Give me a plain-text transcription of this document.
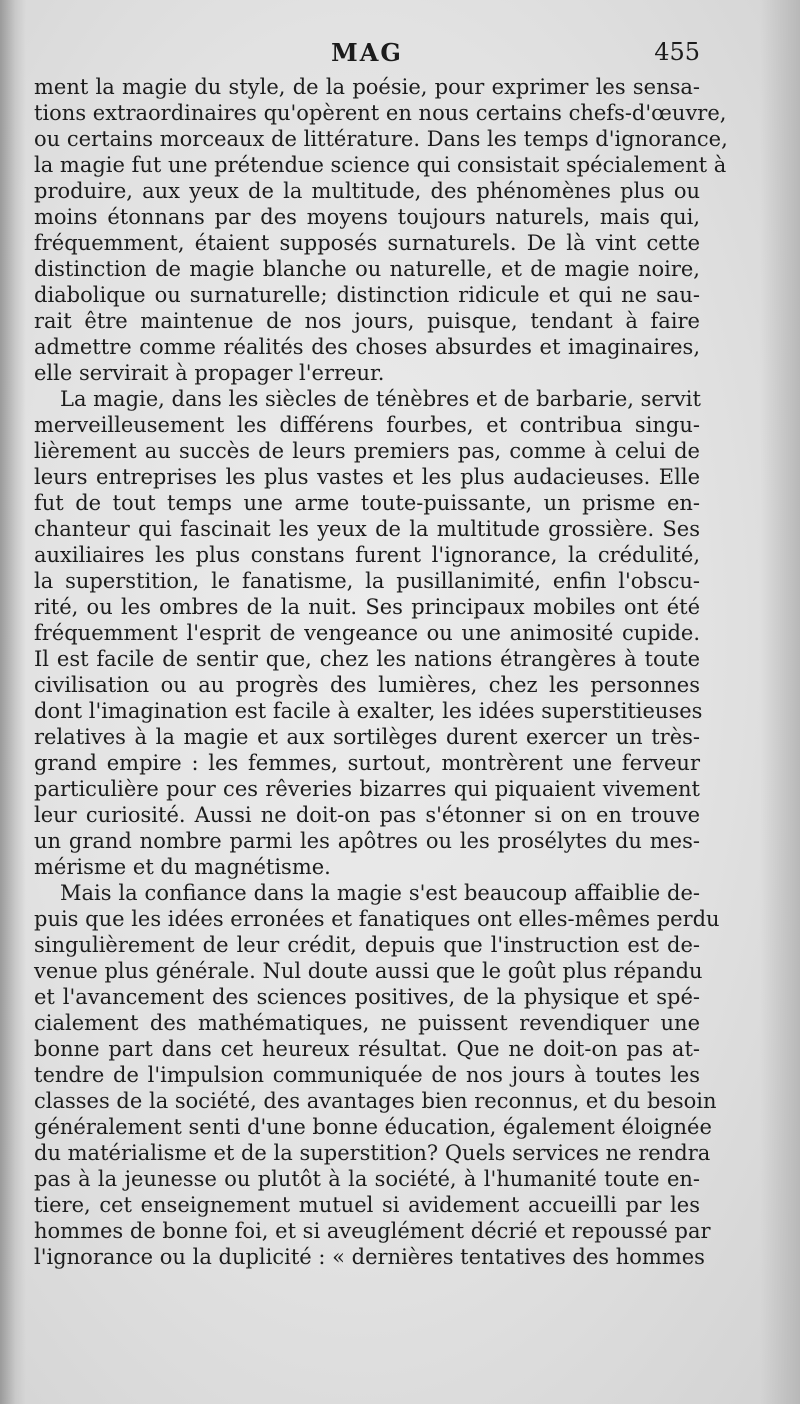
MAG	455
ment la magie du style, de la poésie, pour exprimer les sensa-
tions extraordinaires qu'opèrent en nous certains chefs-d'œuvre,
ou certains morceaux de littérature. Dans les temps d'ignorance,
la magie fut une prétendue science qui consistait spécialement à
produire, aux yeux de la multitude, des phénomènes plus ou
moins étonnans par des moyens toujours naturels, mais qui,
fréquemment, étaient supposés surnaturels. De là vint cette
distinction de magie blanche ou naturelle, et de magie noire,
diabolique ou surnaturelle; distinction ridicule et qui ne sau-
rait être maintenue de nos jours, puisque, tendant à faire
admettre comme réalités des choses absurdes et imaginaires,
elle servirait à propager l'erreur.
La magie, dans les siècles de ténèbres et de barbarie, servit
merveilleusement les différens fourbes, et contribua singu-
lièrement au succès de leurs premiers pas, comme à celui de
leurs entreprises les plus vastes et les plus audacieuses. Elle
fut de tout temps une arme toute-puissante, un prisme en-
chanteur qui fascinait les yeux de la multitude grossière. Ses
auxiliaires les plus constans furent l'ignorance, la crédulité,
la superstition, le fanatisme, la pusillanimité, enfin l'obscu-
rité, ou les ombres de la nuit. Ses principaux mobiles ont été
fréquemment l'esprit de vengeance ou une animosité cupide.
Il est facile de sentir que, chez les nations étrangères à toute
civilisation ou au progrès des lumières, chez les personnes
dont l'imagination est facile à exalter, les idées superstitieuses
relatives à la magie et aux sortilèges durent exercer un très-
grand empire : les femmes, surtout, montrèrent une ferveur
particulière pour ces rêveries bizarres qui piquaient vivement
leur curiosité. Aussi ne doit-on pas s'étonner si on en trouve
un grand nombre parmi les apôtres ou les prosélytes du mes-
mérisme et du magnétisme.
Mais la confiance dans la magie s'est beaucoup affaiblie de-
puis que les idées erronées et fanatiques ont elles-mêmes perdu
singulièrement de leur crédit, depuis que l'instruction est de-
venue plus générale. Nul doute aussi que le goût plus répandu
et l'avancement des sciences positives, de la physique et spé-
cialement des mathématiques, ne puissent revendiquer une
bonne part dans cet heureux résultat. Que ne doit-on pas at-
tendre de l'impulsion communiquée de nos jours à toutes les
classes de la société, des avantages bien reconnus, et du besoin
généralement senti d'une bonne éducation, également éloignée
du matérialisme et de la superstition? Quels services ne rendra
pas à la jeunesse ou plutôt à la société, à l'humanité toute en-
tiere, cet enseignement mutuel si avidement accueilli par les
hommes de bonne foi, et si aveuglément décrié et repoussé par
l'ignorance ou la duplicité : « dernières tentatives des hommes
